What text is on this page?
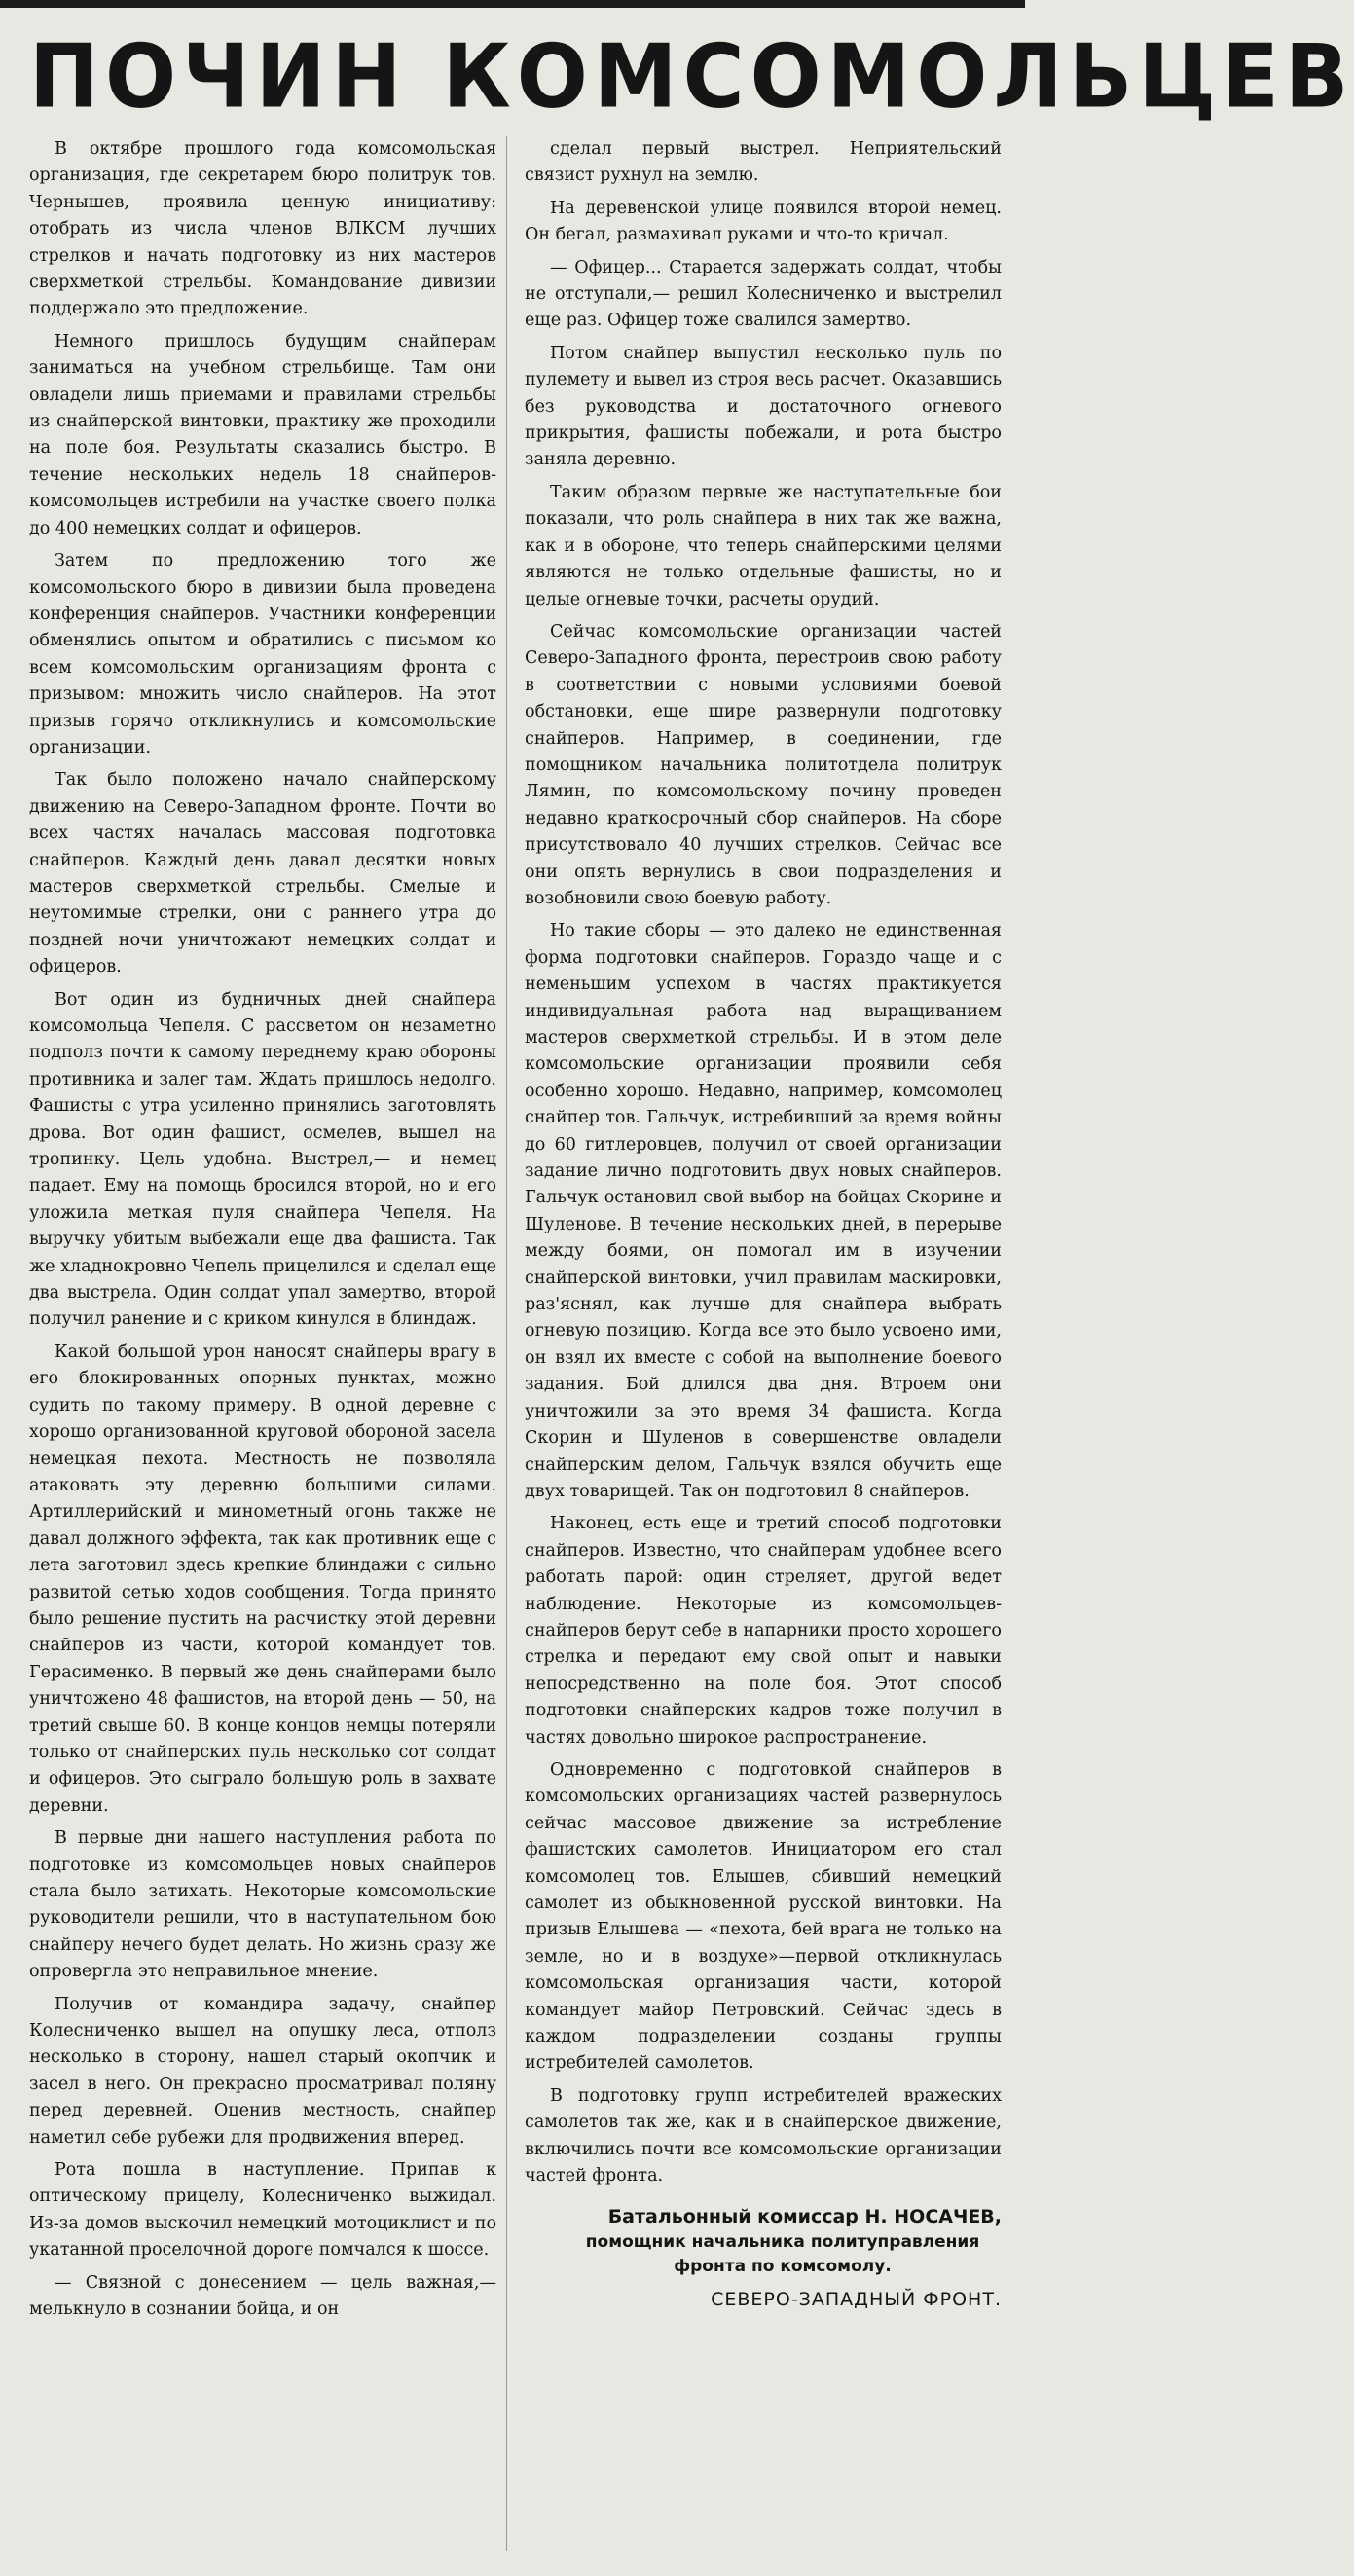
ПОЧИН КОМСОМОЛЬЦЕВ

В октябре прошлого года комсомольская организация, где секретарем бюро политрук тов. Чернышев, проявила ценную инициативу: отобрать из числа членов ВЛКСМ лучших стрелков и начать подготовку из них мастеров сверхметкой стрельбы. Командование дивизии поддержало это предложение.

Немного пришлось будущим снайперам заниматься на учебном стрельбище. Там они овладели лишь приемами и правилами стрельбы из снайперской винтовки, практику же проходили на поле боя. Результаты сказались быстро. В течение нескольких недель 18 снайперов-комсомольцев истребили на участке своего полка до 400 немецких солдат и офицеров.

Затем по предложению того же комсомольского бюро в дивизии была проведена конференция снайперов. Участники конференции обменялись опытом и обратились с письмом ко всем комсомольским организациям фронта с призывом: множить число снайперов. На этот призыв горячо откликнулись и комсомольские организации.

Так было положено начало снайперскому движению на Северо-Западном фронте. Почти во всех частях началась массовая подготовка снайперов. Каждый день давал десятки новых мастеров сверхметкой стрельбы. Смелые и неутомимые стрелки, они с раннего утра до поздней ночи уничтожают немецких солдат и офицеров.

Вот один из будничных дней снайпера комсомольца Чепеля. С рассветом он незаметно подполз почти к самому переднему краю обороны противника и залег там. Ждать пришлось недолго. Фашисты с утра усиленно принялись заготовлять дрова. Вот один фашист, осмелев, вышел на тропинку. Цель удобна. Выстрел,— и немец падает. Ему на помощь бросился второй, но и его уложила меткая пуля снайпера Чепеля. На выручку убитым выбежали еще два фашиста. Так же хладнокровно Чепель прицелился и сделал еще два выстрела. Один солдат упал замертво, второй получил ранение и с криком кинулся в блиндаж.

Какой большой урон наносят снайперы врагу в его блокированных опорных пунктах, можно судить по такому примеру. В одной деревне с хорошо организованной круговой обороной засела немецкая пехота. Местность не позволяла атаковать эту деревню большими силами. Артиллерийский и минометный огонь также не давал должного эффекта, так как противник еще с лета заготовил здесь крепкие блиндажи с сильно развитой сетью ходов сообщения. Тогда принято было решение пустить на расчистку этой деревни снайперов из части, которой командует тов. Герасименко. В первый же день снайперами было уничтожено 48 фашистов, на второй день — 50, на третий свыше 60. В конце концов немцы потеряли только от снайперских пуль несколько сот солдат и офицеров. Это сыграло большую роль в захвате деревни.

В первые дни нашего наступления работа по подготовке из комсомольцев новых снайперов стала было затихать. Некоторые комсомольские руководители решили, что в наступательном бою снайперу нечего будет делать. Но жизнь сразу же опровергла это неправильное мнение.

Получив от командира задачу, снайпер Колесниченко вышел на опушку леса, отполз несколько в сторону, нашел старый окопчик и засел в него. Он прекрасно просматривал поляну перед деревней. Оценив местность, снайпер наметил себе рубежи для продвижения вперед.

Рота пошла в наступление. Припав к оптическому прицелу, Колесниченко выжидал. Из-за домов выскочил немецкий мотоциклист и по укатанной проселочной дороге помчался к шоссе.

— Связной с донесением — цель важная,— мелькнуло в сознании бойца, и он

сделал первый выстрел. Неприятельский связист рухнул на землю.

На деревенской улице появился второй немец. Он бегал, размахивал руками и что-то кричал.

— Офицер... Старается задержать солдат, чтобы не отступали,— решил Колесниченко и выстрелил еще раз. Офицер тоже свалился замертво.

Потом снайпер выпустил несколько пуль по пулемету и вывел из строя весь расчет. Оказавшись без руководства и достаточного огневого прикрытия, фашисты побежали, и рота быстро заняла деревню.

Таким образом первые же наступательные бои показали, что роль снайпера в них так же важна, как и в обороне, что теперь снайперскими целями являются не только отдельные фашисты, но и целые огневые точки, расчеты орудий.

Сейчас комсомольские организации частей Северо-Западного фронта, перестроив свою работу в соответствии с новыми условиями боевой обстановки, еще шире развернули подготовку снайперов. Например, в соединении, где помощником начальника политотдела политрук Лямин, по комсомольскому почину проведен недавно краткосрочный сбор снайперов. На сборе присутствовало 40 лучших стрелков. Сейчас все они опять вернулись в свои подразделения и возобновили свою боевую работу.

Но такие сборы — это далеко не единственная форма подготовки снайперов. Гораздо чаще и с неменьшим успехом в частях практикуется индивидуальная работа над выращиванием мастеров сверхметкой стрельбы. И в этом деле комсомольские организации проявили себя особенно хорошо. Недавно, например, комсомолец снайпер тов. Гальчук, истребивший за время войны до 60 гитлеровцев, получил от своей организации задание лично подготовить двух новых снайперов. Гальчук остановил свой выбор на бойцах Скорине и Шуленове. В течение нескольких дней, в перерыве между боями, он помогал им в изучении снайперской винтовки, учил правилам маскировки, раз'яснял, как лучше для снайпера выбрать огневую позицию. Когда все это было усвоено ими, он взял их вместе с собой на выполнение боевого задания. Бой длился два дня. Втроем они уничтожили за это время 34 фашиста. Когда Скорин и Шуленов в совершенстве овладели снайперским делом, Гальчук взялся обучить еще двух товарищей. Так он подготовил 8 снайперов.

Наконец, есть еще и третий способ подготовки снайперов. Известно, что снайперам удобнее всего работать парой: один стреляет, другой ведет наблюдение. Некоторые из комсомольцев-снайперов берут себе в напарники просто хорошего стрелка и передают ему свой опыт и навыки непосредственно на поле боя. Этот способ подготовки снайперских кадров тоже получил в частях довольно широкое распространение.

Одновременно с подготовкой снайперов в комсомольских организациях частей развернулось сейчас массовое движение за истребление фашистских самолетов. Инициатором его стал комсомолец тов. Елышев, сбивший немецкий самолет из обыкновенной русской винтовки. На призыв Елышева — «пехота, бей врага не только на земле, но и в воздухе»—первой откликнулась комсомольская организация части, которой командует майор Петровский. Сейчас здесь в каждом подразделении созданы группы истребителей самолетов.

В подготовку групп истребителей вражеских самолетов так же, как и в снайперское движение, включились почти все комсомольские организации частей фронта.

Батальонный комиссар Н. НОСАЧЕВ,
помощник начальника политуправления фронта по комсомолу.
СЕВЕРО-ЗАПАДНЫЙ ФРОНТ.
